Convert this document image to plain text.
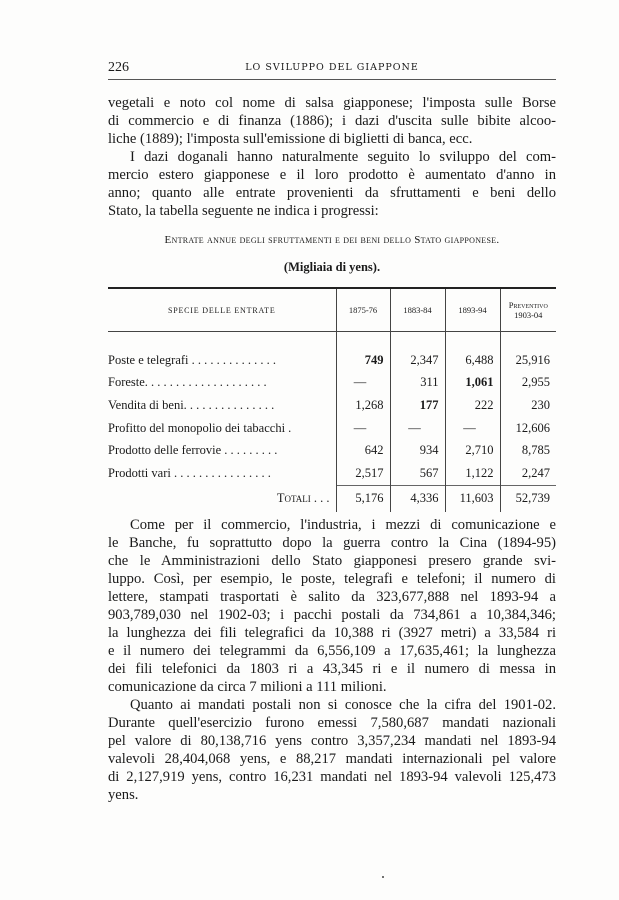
226	LO SVILUPPO DEL GIAPPONE
vegetali e noto col nome di salsa giapponese; l'imposta sulle Borse
di commercio e di finanza (1886); i dazi d'uscita sulle bibite alcoo-
liche (1889); l'imposta sull'emissione di biglietti di banca, ecc.
I dazi doganali hanno naturalmente seguito lo sviluppo del com-
mercio estero giapponese e il loro prodotto è aumentato d'anno in
anno; quanto alle entrate provenienti da sfruttamenti e beni dello
Stato, la tabella seguente ne indica i progressi:
Entrate annue degli sfruttamenti e dei beni dello Stato giapponese.
(Migliaia di yens).
SPECIE DELLE ENTRATE	1875-76	1883-84	1893-94	Preventivo 1903-04

Poste e telegrafi . . . . . . . . . . . . . .	749	2,347	6,488	25,916
Foreste. . . . . . . . . . . . . . . . . . . .	—	311	1,061	2,955
Vendita di beni. . . . . . . . . . . . . . .	1,268	177	222	230
Profitto del monopolio dei tabacchi .	—	—	—	12,606
Prodotto delle ferrovie . . . . . . . . .	642	934	2,710	8,785
Prodotti vari . . . . . . . . . . . . . . . .	2,517	567	1,122	2,247
Totali . . .	5,176	4,336	11,603	52,739
Come per il commercio, l'industria, i mezzi di comunicazione e
le Banche, fu soprattutto dopo la guerra contro la Cina (1894-95)
che le Amministrazioni dello Stato giapponesi presero grande svi-
luppo. Così, per esempio, le poste, telegrafi e telefoni; il numero di
lettere, stampati trasportati è salito da 323,677,888 nel 1893-94 a
903,789,030 nel 1902-03; i pacchi postali da 734,861 a 10,384,346;
la lunghezza dei fili telegrafici da 10,388 ri (3927 metri) a 33,584 ri
e il numero dei telegrammi da 6,556,109 a 17,635,461; la lunghezza
dei fili telefonici da 1803 ri a 43,345 ri e il numero di messa in
comunicazione da circa 7 milioni a 111 milioni.
Quanto ai mandati postali non si conosce che la cifra del 1901-02.
Durante quell'esercizio furono emessi 7,580,687 mandati nazionali
pel valore di 80,138,716 yens contro 3,357,234 mandati nel 1893-94
valevoli 28,404,068 yens, e 88,217 mandati internazionali pel valore
di 2,127,919 yens, contro 16,231 mandati nel 1893-94 valevoli 125,473
yens.
